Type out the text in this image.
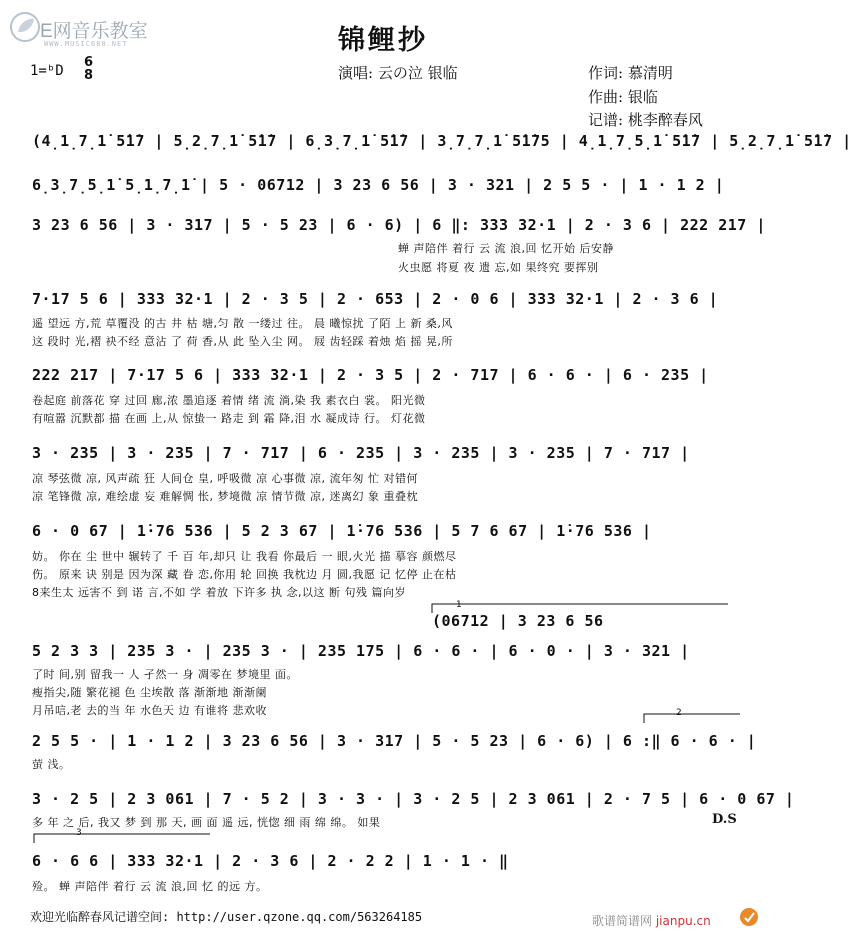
E网音乐教室
WWW.MUSIC688.NET	锦鲤抄
1=ᵇD
6
8	演唱: 云の泣 银临	作词: 慕清明
作曲: 银临
记谱: 桃李醉春风
(4̣1̣7̣1̇ 5̇1̇7 | 5̣2̣7̣1̇ 5̇1̇7 | 6̣3̣7̣1̇ 5̇1̇7 | 3̣7̣7̣1̇ 5̇1̇75 | 4̣1̣7̣5̣1̇ 5̇1̇7 | 5̣2̣7̣1̇ 5̇1̇7 |
6̣3̣7̣5̣1̇ 5̣1̣7̣1̇ | 5 · 06712 | 3 23 6 56 | 3 · 321 | 2 5 5 · | 1 · 1 2 |
3 23 6 56 | 3 · 317 | 5 · 5 23 | 6 · 6) | 6 ‖: 333 32·1 | 2 · 3 6 | 222 217 |
蝉 声陪伴 着行 云 流 浪,回 忆开始 后安静
火虫愿 将夏 夜 遗 忘,如 果终究 要挥别
7·17 5 6 | 333 32·1 | 2 · 3 5 | 2 · 653 | 2 · 0 6 | 333 32·1 | 2 · 3 6 |
遥 望远 方,荒 草覆没 的古 井 枯 塘,匀 散 一缕过 往。 晨 曦惊扰 了陌 上 新 桑,风
这 段时 光,褶 袂不经 意沾 了 荷 香,从 此 坠入尘 网。 屐 齿轻踩 着烛 焰 摇 晃,所
222 217 | 7·17 5 6 | 333 32·1 | 2 · 3 5 | 2 · 717 | 6 · 6 · | 6 · 235 |
卷起庭 前落花 穿 过回 廊,浓 墨追逐 着情 绪 流 淌,染 我 素衣白 裳。 阳光微
有喧嚣 沉默都 描 在画 上,从 惊蛰一 路走 到 霜 降,泪 水 凝成诗 行。 灯花微
3 · 235 | 3 · 235 | 7 · 717 | 6 · 235 | 3 · 235 | 3 · 235 | 7 · 717 |
凉 琴弦微 凉, 风声疏 狂 人间仓 皇, 呼吸微 凉 心事微 凉, 流年匆 忙 对错何
凉 笔锋微 凉, 难绘虚 妄 难解惆 怅, 梦境微 凉 情节微 凉, 迷离幻 象 重叠枕
6 · 0 67 | 1̇·76 536 | 5 2 3 67 | 1̇·76 536 | 5 7 6 67 | 1̇·76 536 |
妨。 你在 尘 世中 辗转了 千 百 年,却只 让 我看 你最后 一 眼,火光 描 摹容 颜燃尽
伤。 原来 诀 别是 因为深 藏 眷 恋,你用 轮 回换 我枕边 月 圆,我愿 记 忆停 止在枯
8来生太 远害不 到 诺 言,不如 学 着放 下许多 执 念,以这 断 句残 篇向岁
1
(06712 | 3 23 6 56
5 2 3 3 | 235 3 · | 235 3 · | 235 175 | 6 · 6 · | 6 · 0 · | 3 · 321 |
了时 间,别 留我一 人 孑然一 身 凋零在 梦境里 面。
瘦指尖,随 繁花褪 色 尘埃散 落 渐渐地 渐渐阑
月吊唁,老 去的当 年 水色天 边 有谁将 悲欢收	2
2 5 5 · | 1 · 1 2 | 3 23 6 56 | 3 · 317 | 5 · 5 23 | 6 · 6) | 6 :‖ 6 · 6 · |
萤 浅。
3 · 2 5 | 2 3 061 | 7 · 5 2 | 3 · 3 · | 3 · 2 5 | 2 3 061 | 2 · 7 5 | 6 · 0 67 |
多 年 之 后, 我又 梦 到 那 天, 画 面 遥 远, 恍惚 细 雨 绵 绵。 如果	D.S
3
6 · 6 6 | 333 32·1 | 2 · 3 6 | 2 · 2 2 | 1 · 1 · ‖
殓。 蝉 声陪伴 着行 云 流 浪,回 忆 的远 方。
欢迎光临醉春风记谱空间: http://user.qzone.qq.com/563264185	歌谱简谱网 jianpu.cn
